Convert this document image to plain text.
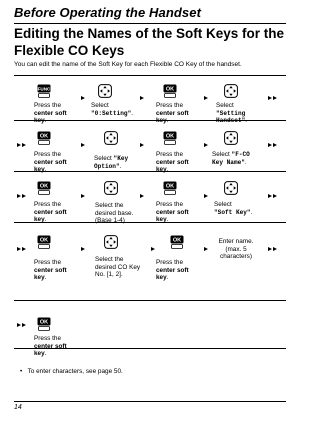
Before Operating the Handset
Editing the Names of the Soft Keys for the Flexible CO Keys
You can edit the name of the Soft Key for each Flexible CO Key of the handset.
FUNC
Press the
center soft
key.
Select
"0:Setting".
OK
Press the
center soft
key.
Select
"Setting
Handset".
OK
Press the
center soft
key.
Select "Key
Option".
OK
Press the
center soft
key.
Select "F-CO
Key Name".
OK
Press the
center soft
key.
Select the
desired base.
(Base 1-4)
OK
Press the
center soft
key.
Select
"Soft Key".
OK
Press the
center soft
key.
Select the
desired CO Key
No. [1, 2].
OK
Press the
center soft
key.
Enter name.
(max. 5
characters)
OK
Press the
center soft
key.
•   To enter characters, see page 50.
14
